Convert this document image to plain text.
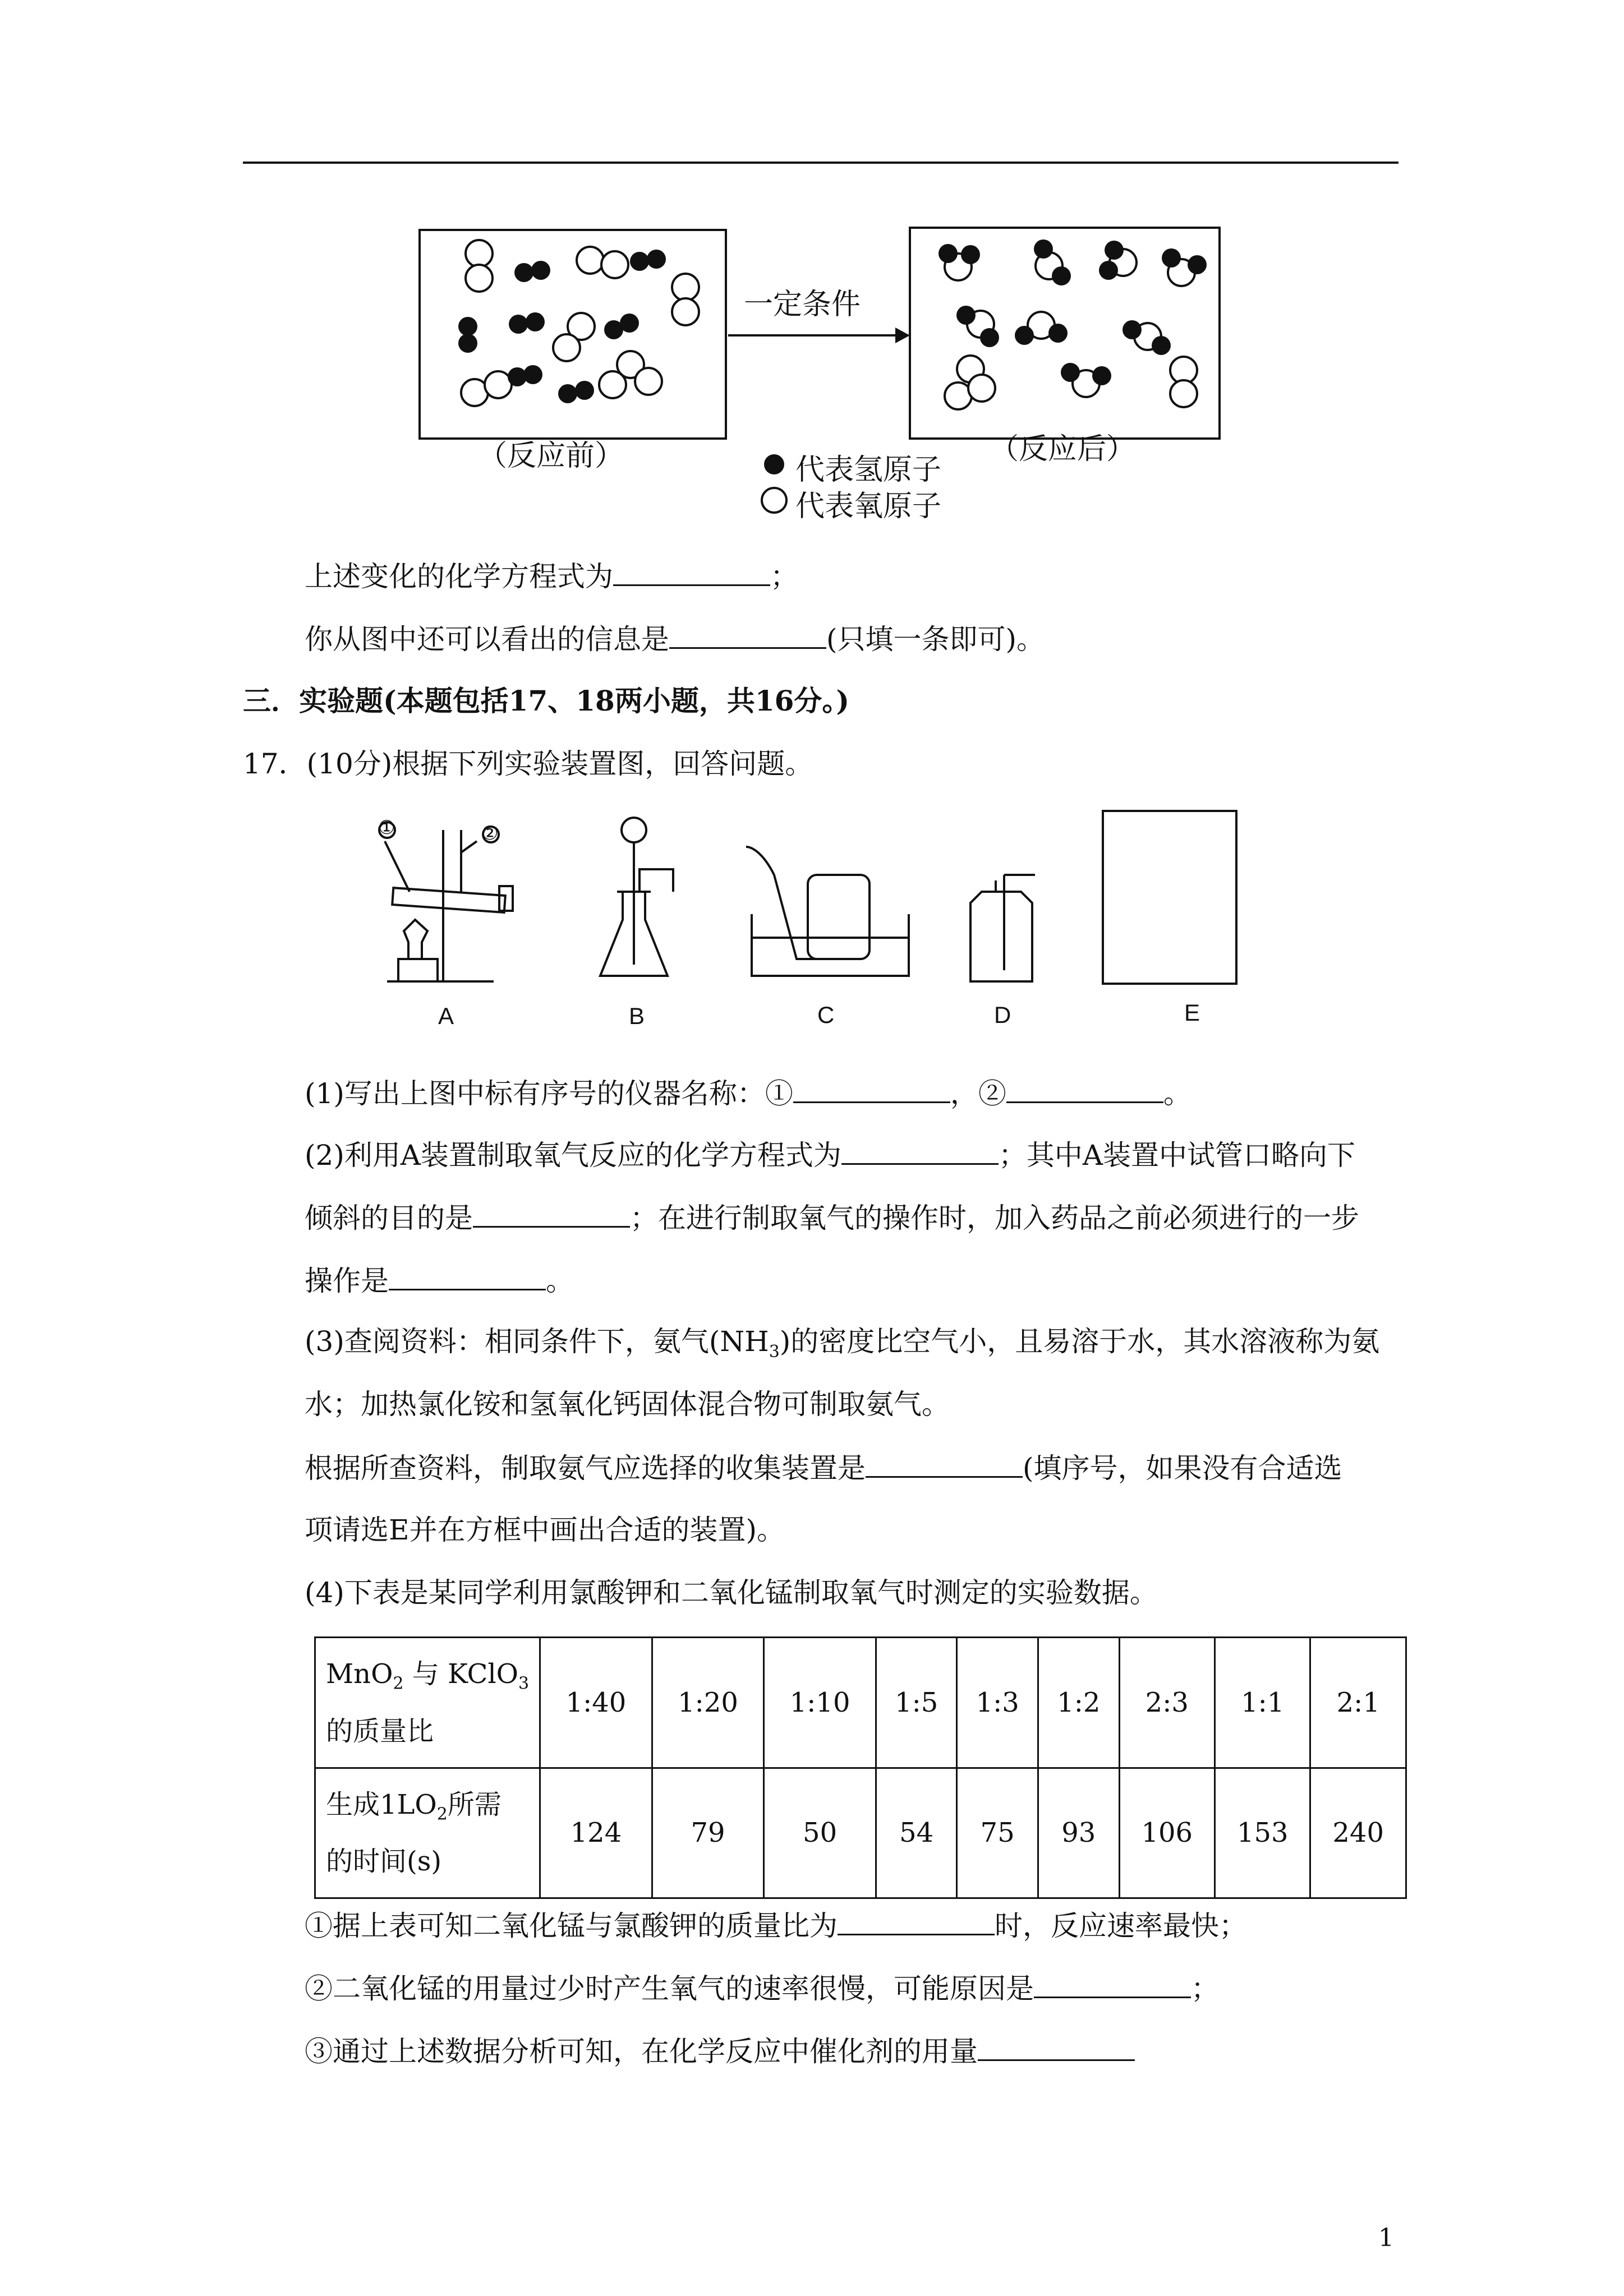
一定条件
（反应前）	（反应后）
代表氢原子
代表氧原子
上述变化的化学方程式为	；
你从图中还可以看出的信息是	(只填一条即可)。
三．实验题(本题包括17、18两小题，共16分。)
17．(10分)根据下列实验装置图，回答问题。
A	B	C	D	E
①	②
(1)写出上图中标有序号的仪器名称：①	，②	。
(2)利用A装置制取氧气反应的化学方程式为	；其中A装置中试管口略向下
倾斜的目的是	；在进行制取氧气的操作时，加入药品之前必须进行的一步
操作是	。
(3)查阅资料：相同条件下，氨气$(NH_3)$的密度比空气小，且易溶于水，其水溶液称为氨
水；加热氯化铵和氢氧化钙固体混合物可制取氨气。
根据所查资料，制取氨气应选择的收集装置是	(填序号，如果没有合适选
项请选E并在方框中画出合适的装置)。
(4)下表是某同学利用氯酸钾和二氧化锰制取氧气时测定的实验数据。
MnO$_2$ 与 KClO$_3$
的质量比	1:40	1:20	1:10	1:5	1:3	1:2	2:3	1:1	2:1
生成$1LO_2$所需
的时间(s)	124	79	50	54	75	93	106	153	240
①据上表可知二氧化锰与氯酸钾的质量比为	时，反应速率最快；
②二氧化锰的用量过少时产生氧气的速率很慢，可能原因是	；
③通过上述数据分析可知，在化学反应中催化剂的用量
1
